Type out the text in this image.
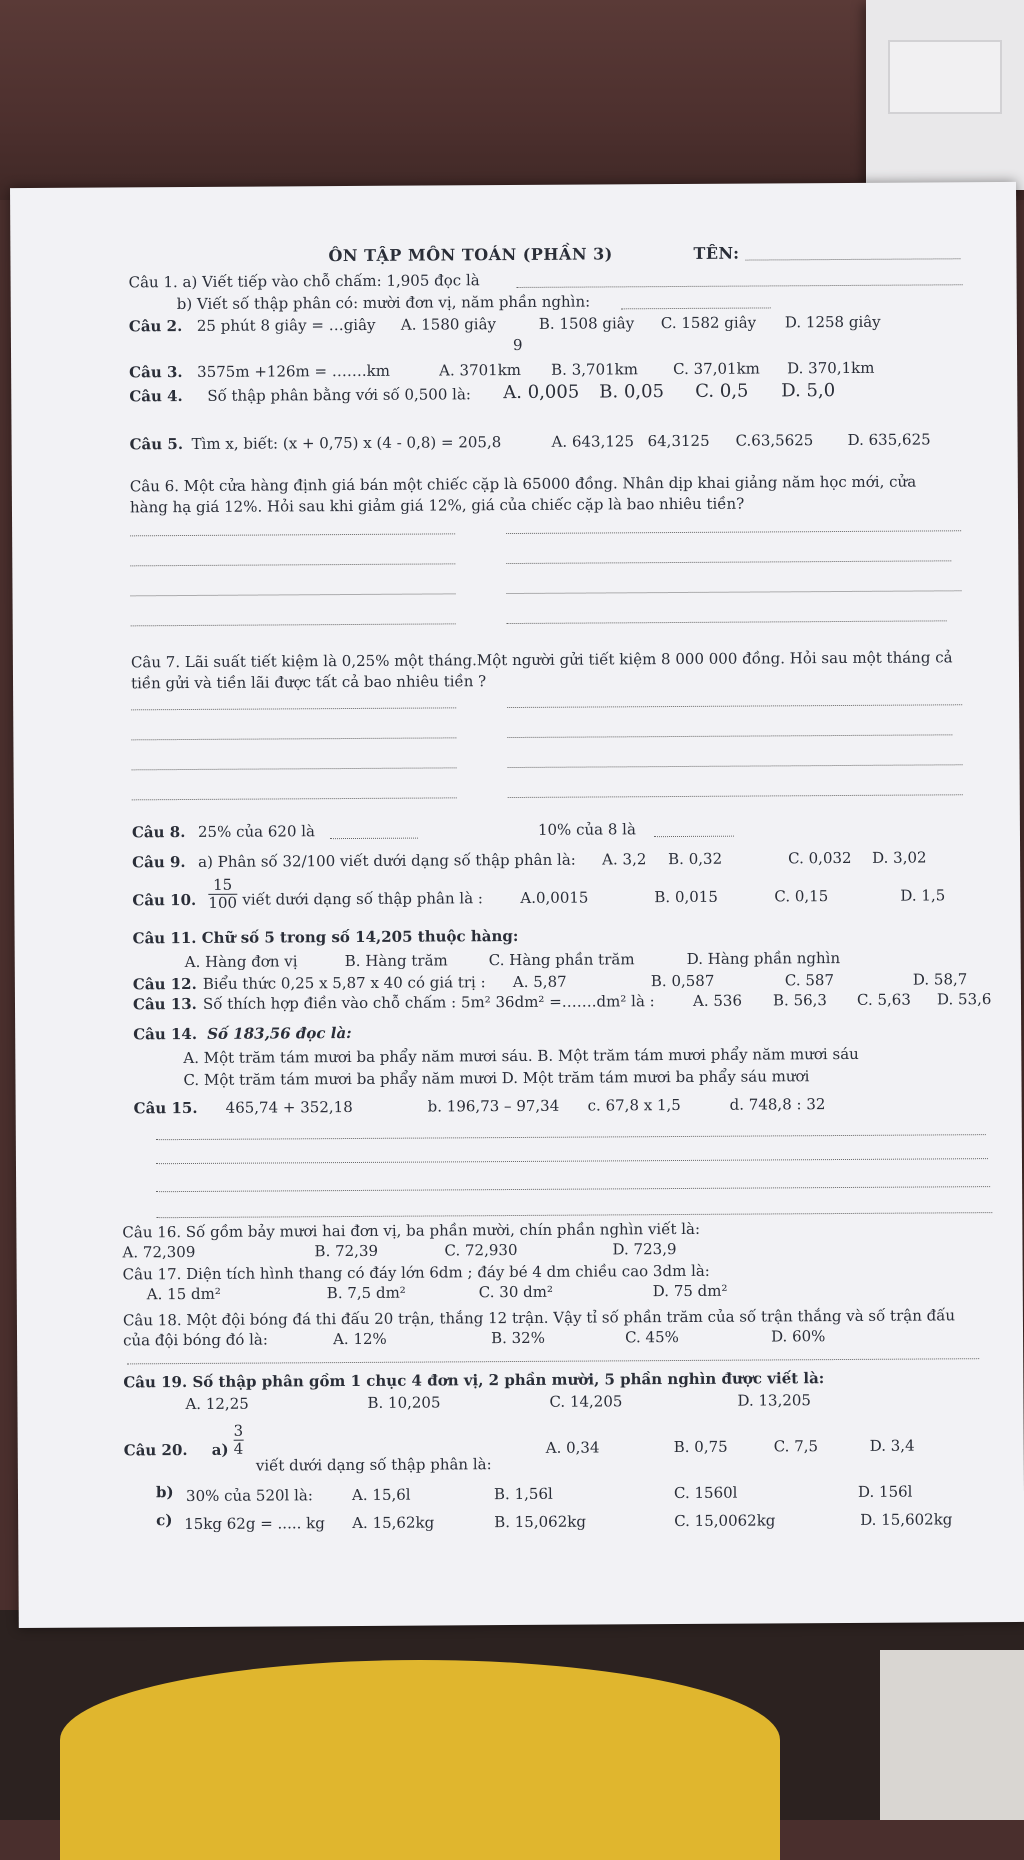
ÔN TẬP MÔN TOÁN (PHẦN 3)	TÊN:
Câu 1. a) Viết tiếp vào chỗ chấm: 1,905 đọc là
b) Viết số thập phân có: mười đơn vị, năm phần nghìn:
Câu 2. 25 phút 8 giây = …giây A. 1580 giây	B. 1508 giây C. 1582 giây D. 1258 giây
9
Câu 3. 3575m +126m = …….km	A. 3701km B. 3,701km C. 37,01km D. 370,1km
Câu 4. Số thập phân bằng với số 0,500 là: A. 0,005 B. 0,05 C. 0,5 D. 5,0
Câu 5. Tìm x, biết: (x + 0,75) x (4 - 0,8) = 205,8	A. 643,125 64,3125 C.63,5625 D. 635,625
Câu 6. Một cửa hàng định giá bán một chiếc cặp là 65000 đồng. Nhân dịp khai giảng năm học mới, cửa
hàng hạ giá 12%. Hỏi sau khi giảm giá 12%, giá của chiếc cặp là bao nhiêu tiền?
Câu 7. Lãi suất tiết kiệm là 0,25% một tháng.Một người gửi tiết kiệm 8 000 000 đồng. Hỏi sau một tháng cả
tiền gửi và tiền lãi được tất cả bao nhiêu tiền ?
Câu 8. 25% của 620 là	10% của 8 là
Câu 9. a) Phân số 32/100 viết dưới dạng số thập phân là: A. 3,2 B. 0,32	C. 0,032 D. 3,02
Câu 10. $\frac{15}{100}$ viết dưới dạng số thập phân là : A.0,0015	B. 0,015	C. 0,15	D. 1,5
Câu 11. Chữ số 5 trong số 14,205 thuộc hàng:
A. Hàng đơn vị	B. Hàng trăm	C. Hàng phần trăm	D. Hàng phần nghìn
Câu 12. Biểu thức 0,25 x 5,87 x 40 có giá trị : A. 5,87	B. 0,587	C. 587	D. 58,7
Câu 13. Số thích hợp điền vào chỗ chấm : 5m² 36dm² =…….dm² là :	A. 536 B. 56,3 C. 5,63 D. 53,6
Câu 14. Số 183,56 đọc là:
A. Một trăm tám mươi ba phẩy năm mươi sáu. B. Một trăm tám mươi phẩy năm mươi sáu
C. Một trăm tám mươi ba phẩy năm mươi D. Một trăm tám mươi ba phẩy sáu mươi
Câu 15. 465,74 + 352,18	b. 196,73 – 97,34 c. 67,8 x 1,5	d. 748,8 : 32
Câu 16. Số gồm bảy mươi hai đơn vị, ba phần mười, chín phần nghìn viết là:
A. 72,309	B. 72,39	C. 72,930	D. 723,9
Câu 17. Diện tích hình thang có đáy lớn 6dm ; đáy bé 4 dm chiều cao 3dm là:
A. 15 dm²	B. 7,5 dm²	C. 30 dm²	D. 75 dm²
Câu 18. Một đội bóng đá thi đấu 20 trận, thắng 12 trận. Vậy tỉ số phần trăm của số trận thắng và số trận đấu
của đội bóng đó là:	A. 12%	B. 32%	C. 45%	D. 60%
Câu 19. Số thập phân gồm 1 chục 4 đơn vị, 2 phần mười, 5 phần nghìn được viết là:
A. 12,25	B. 10,205	C. 14,205	D. 13,205
Câu 20. $a) \frac{3}{4}$
viết dưới dạng số thập phân là:
A. 0,34	B. 0,75	C. 7,5	D. 3,4
b) 30% của 520l là:	A. 15,6l	B. 1,56l	C. 1560l	D. 156l
c) 15kg 62g = ..... kg A. 15,62kg	B. 15,062kg	C. 15,0062kg	D. 15,602kg
